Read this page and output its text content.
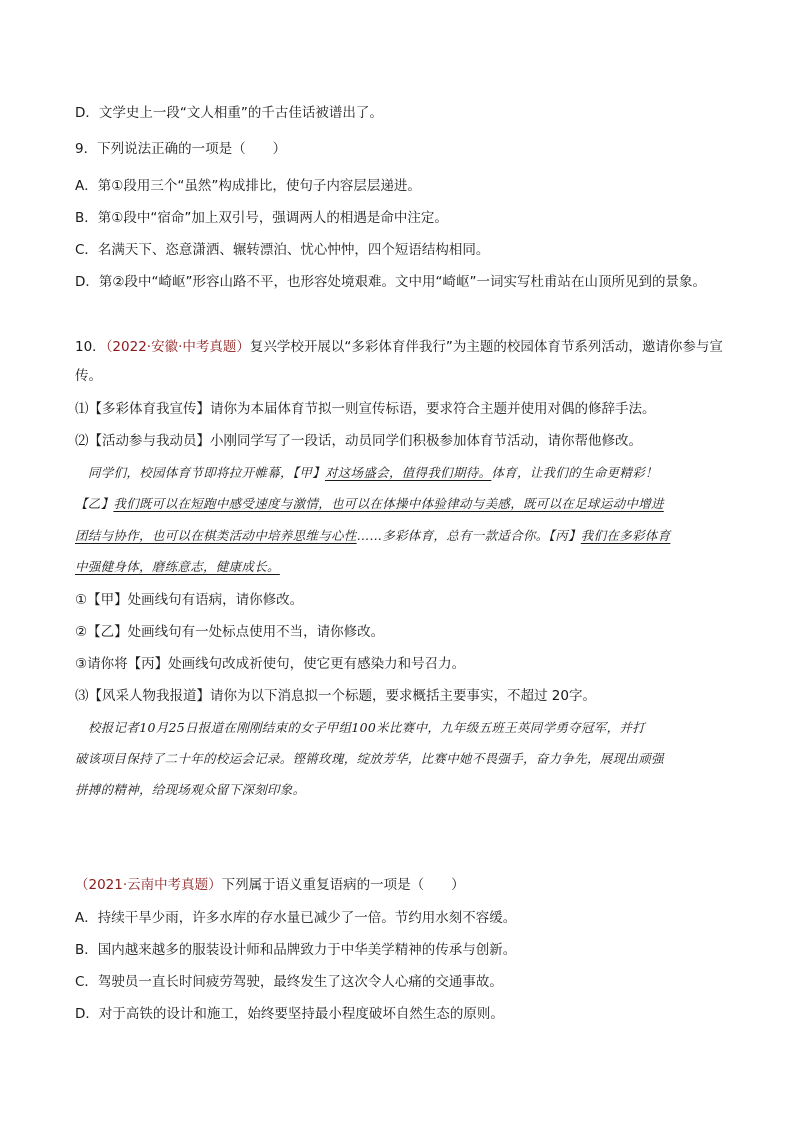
D．文学史上一段“文人相重”的千古佳话被谱出了。
9．下列说法正确的一项是（　　）
A．第①段用三个“虽然”构成排比，使句子内容层层递进。
B．第①段中“宿命”加上双引号，强调两人的相遇是命中注定。
C．名满天下、恣意潇洒、辗转漂泊、忧心忡忡，四个短语结构相同。
D．第②段中“崎岖”形容山路不平，也形容处境艰难。文中用“崎岖”一词实写杜甫站在山顶所见到的景象。
10．（2022·安徽·中考真题）复兴学校开展以“多彩体育伴我行”为主题的校园体育节系列活动，邀请你参与宣
传。
⑴【多彩体育我宣传】请你为本届体育节拟一则宣传标语，要求符合主题并使用对偶的修辞手法。
⑵【活动参与我动员】小刚同学写了一段话，动员同学们积极参加体育节活动，请你帮他修改。
同学们，校园体育节即将拉开帷幕，【甲】对这场盛会，值得我们期待。体育，让我们的生命更精彩！
【乙】我们既可以在短跑中感受速度与激情，也可以在体操中体验律动与美感，既可以在足球运动中增进
团结与协作，也可以在棋类活动中培养思维与心性……多彩体育，总有一款适合你。【丙】我们在多彩体育
中强健身体，磨练意志，健康成长。
①【甲】处画线句有语病，请你修改。
②【乙】处画线句有一处标点使用不当，请你修改。
③请你将【丙】处画线句改成祈使句，使它更有感染力和号召力。
⑶【风采人物我报道】请你为以下消息拟一个标题，要求概括主要事实，不超过 20字。
校报记者10月25日报道在刚刚结束的女子甲组100米比赛中，九年级五班王英同学勇夺冠军，并打
破该项目保持了二十年的校运会记录。铿锵玫瑰，绽放芳华，比赛中她不畏强手，奋力争先，展现出顽强
拼搏的精神，给现场观众留下深刻印象。
（2021·云南中考真题）下列属于语义重复语病的一项是（　　）
A．持续干旱少雨，许多水库的存水量已减少了一倍。节约用水刻不容缓。
B．国内越来越多的服装设计师和品牌致力于中华美学精神的传承与创新。
C．驾驶员一直长时间疲劳驾驶，最终发生了这次令人心痛的交通事故。
D．对于高铁的设计和施工，始终要坚持最小程度破坏自然生态的原则。
